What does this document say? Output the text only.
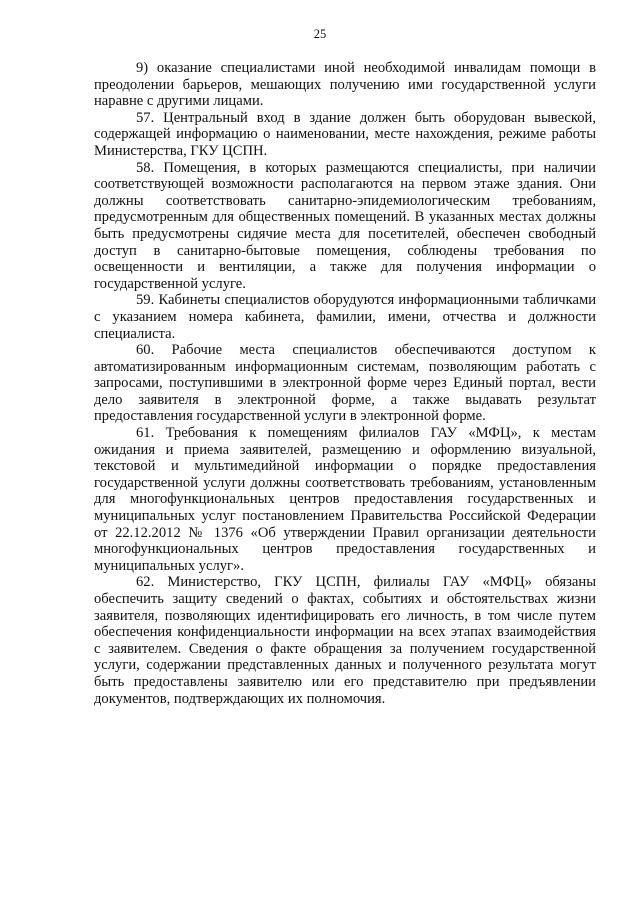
25

9) оказание специалистами иной необходимой инвалидам помощи в преодолении барьеров, мешающих получению ими государственной услуги наравне с другими лицами.

57. Центральный вход в здание должен быть оборудован вывеской, содержащей информацию о наименовании, месте нахождения, режиме работы Министерства, ГКУ ЦСПН.

58. Помещения, в которых размещаются специалисты, при наличии соответствующей возможности располагаются на первом этаже здания. Они должны соответствовать санитарно-эпидемиологическим требованиям, предусмотренным для общественных помещений. В указанных местах должны быть предусмотрены сидячие места для посетителей, обеспечен свободный доступ в санитарно-бытовые помещения, соблюдены требования по освещенности и вентиляции, а также для получения информации о государственной услуге.

59. Кабинеты специалистов оборудуются информационными табличками с указанием номера кабинета, фамилии, имени, отчества и должности специалиста.

60. Рабочие места специалистов обеспечиваются доступом к автоматизированным информационным системам, позволяющим работать с запросами, поступившими в электронной форме через Единый портал, вести дело заявителя в электронной форме, а также выдавать результат предоставления государственной услуги в электронной форме.

61. Требования к помещениям филиалов ГАУ «МФЦ», к местам ожидания и приема заявителей, размещению и оформлению визуальной, текстовой и мультимедийной информации о порядке предоставления государственной услуги должны соответствовать требованиям, установленным для многофункциональных центров предоставления государственных и муниципальных услуг постановлением Правительства Российской Федерации от 22.12.2012 № 1376 «Об утверждении Правил организации деятельности многофункциональных центров предоставления государственных и муниципальных услуг».

62. Министерство, ГКУ ЦСПН, филиалы ГАУ «МФЦ» обязаны обеспечить защиту сведений о фактах, событиях и обстоятельствах жизни заявителя, позволяющих идентифицировать его личность, в том числе путем обеспечения конфиденциальности информации на всех этапах взаимодействия с заявителем. Сведения о факте обращения за получением государственной услуги, содержании представленных данных и полученного результата могут быть предоставлены заявителю или его представителю при предъявлении документов, подтверждающих их полномочия.
